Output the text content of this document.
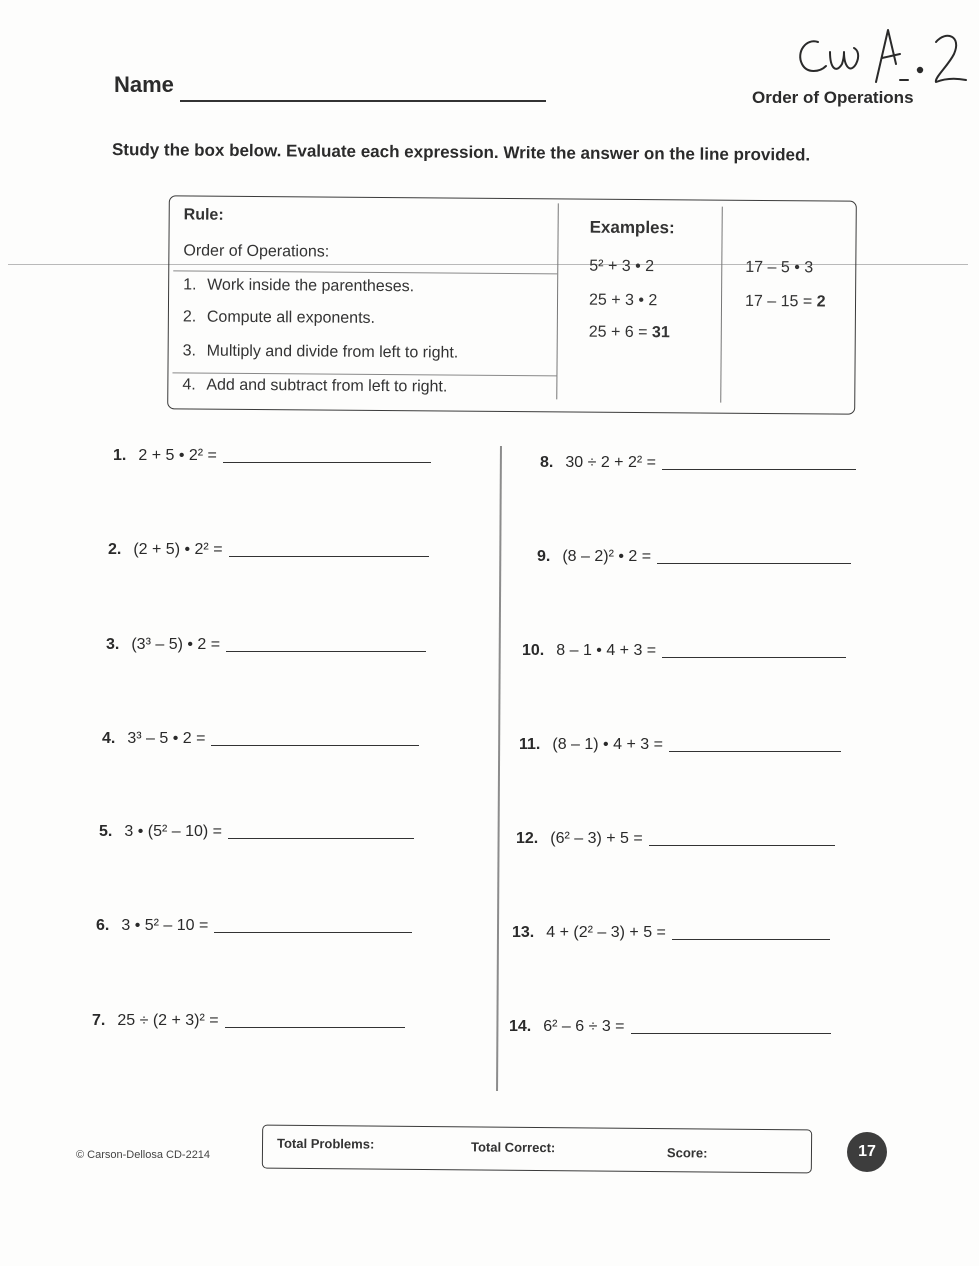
Name
Order of Operations
Study the box below. Evaluate each expression. Write the answer on the line provided.
Rule:
Order of Operations:
1. Work inside the parentheses.
2. Compute all exponents.
3. Multiply and divide from left to right.
4. Add and subtract from left to right.
Examples:
5² + 3 • 2
25 + 3 • 2
25 + 6 = 31
17 – 5 • 3
17 – 15 = 2
1. 2 + 5 • 2² =
2. (2 + 5) • 2² =
3. (3³ – 5) • 2 =
4. 3³ – 5 • 2 =
5. 3 • (5² – 10) =
6. 3 • 5² – 10 =
7. 25 ÷ (2 + 3)² =
8. 30 ÷ 2 + 2² =
9. (8 – 2)² • 2 =
10. 8 – 1 • 4 + 3 =
11. (8 – 1) • 4 + 3 =
12. (6² – 3) + 5 =
13. 4 + (2² – 3) + 5 =
14. 6² – 6 ÷ 3 =
© Carson-Dellosa CD-2214
Total Problems:	Total Correct:	Score:	17
